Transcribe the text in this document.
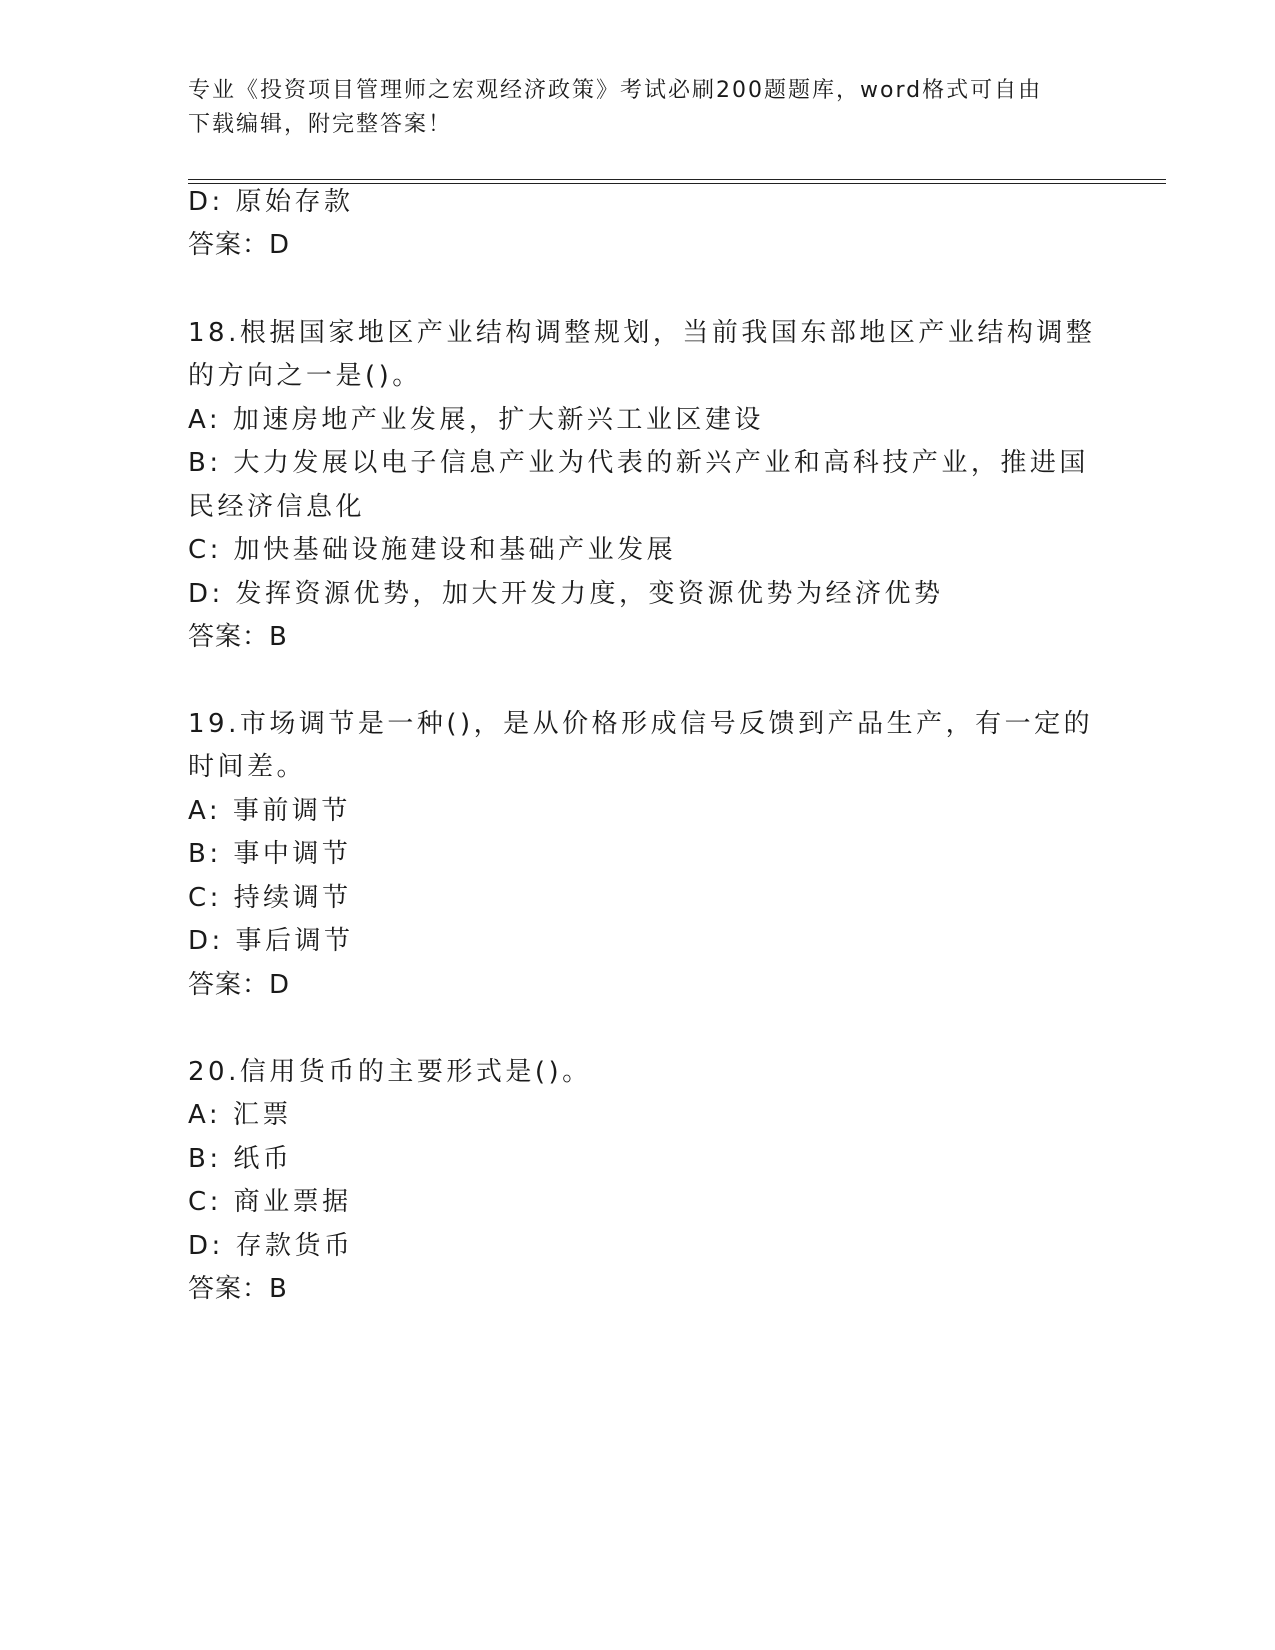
专业《投资项目管理师之宏观经济政策》考试必刷200题题库，word格式可自由
下载编辑，附完整答案！
D: 原始存款
答案：D
18.根据国家地区产业结构调整规划，当前我国东部地区产业结构调整
的方向之一是()。
A: 加速房地产业发展，扩大新兴工业区建设
B: 大力发展以电子信息产业为代表的新兴产业和高科技产业，推进国
民经济信息化
C: 加快基础设施建设和基础产业发展
D: 发挥资源优势，加大开发力度，变资源优势为经济优势
答案：B
19.市场调节是一种()，是从价格形成信号反馈到产品生产，有一定的
时间差。
A: 事前调节
B: 事中调节
C: 持续调节
D: 事后调节
答案：D
20.信用货币的主要形式是()。
A: 汇票
B: 纸币
C: 商业票据
D: 存款货币
答案：B
